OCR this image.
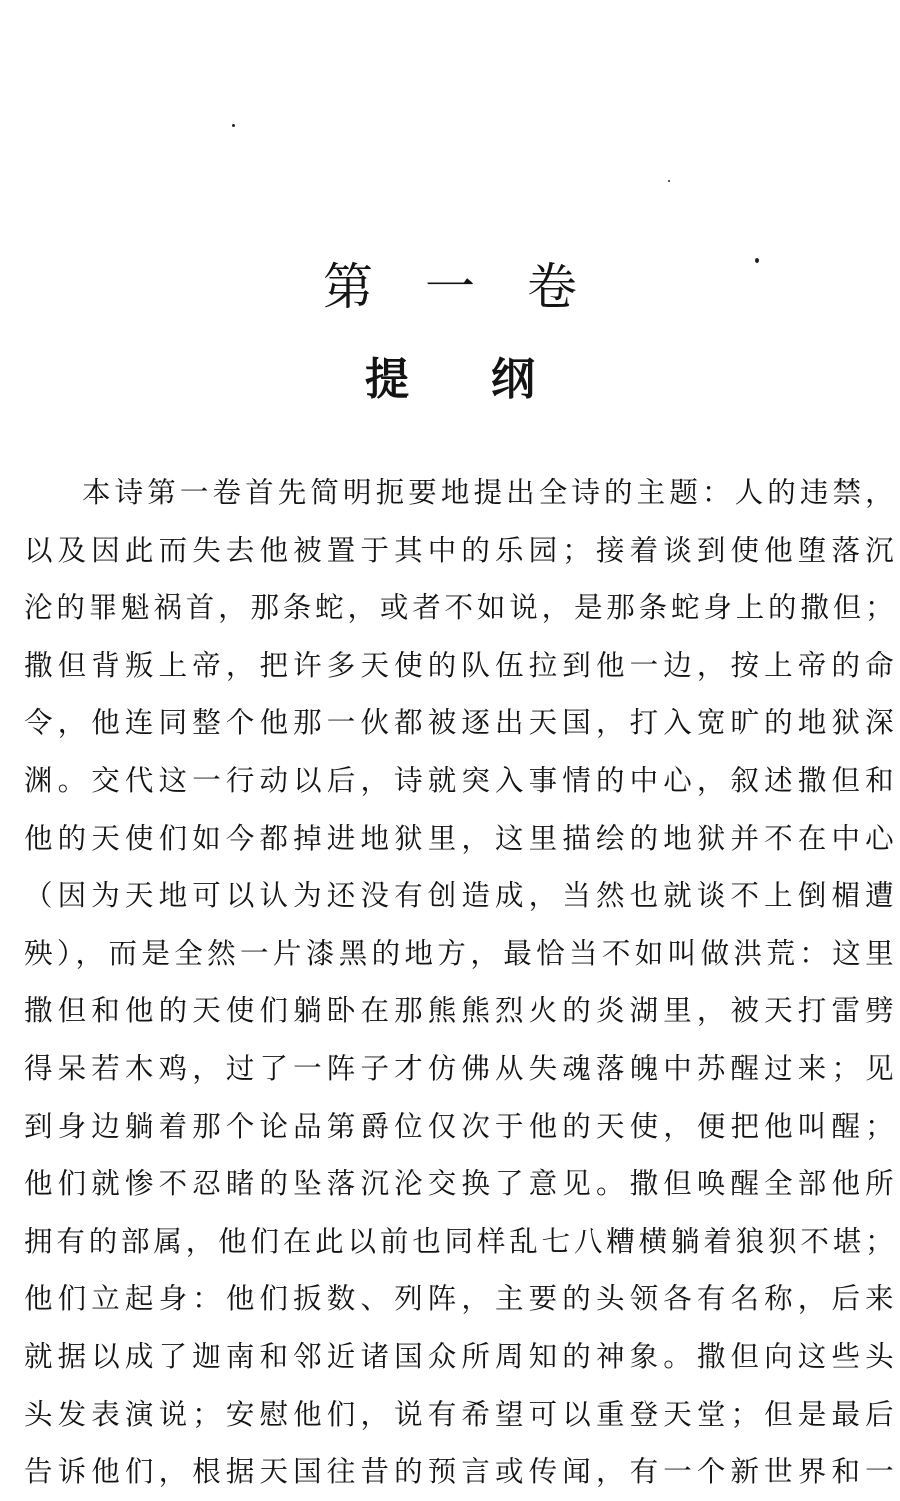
第一卷
提纲
本诗第一卷首先简明扼要地提出全诗的主题：人的违禁，
以及因此而失去他被置于其中的乐园；接着谈到使他堕落沉
沦的罪魁祸首，那条蛇，或者不如说，是那条蛇身上的撒但；
撒但背叛上帝，把许多天使的队伍拉到他一边，按上帝的命
令，他连同整个他那一伙都被逐出天国，打入宽旷的地狱深
渊。交代这一行动以后，诗就突入事情的中心，叙述撒但和
他的天使们如今都掉进地狱里，这里描绘的地狱并不在中心
（因为天地可以认为还没有创造成，当然也就谈不上倒楣遭
殃），而是全然一片漆黑的地方，最恰当不如叫做洪荒：这里
撒但和他的天使们躺卧在那熊熊烈火的炎湖里，被天打雷劈
得呆若木鸡，过了一阵子才仿佛从失魂落魄中苏醒过来；见
到身边躺着那个论品第爵位仅次于他的天使，便把他叫醒；
他们就惨不忍睹的坠落沉沦交换了意见。撒但唤醒全部他所
拥有的部属，他们在此以前也同样乱七八糟横躺着狼狈不堪；
他们立起身：他们扳数、列阵，主要的头领各有名称，后来
就据以成了迦南和邻近诸国众所周知的神象。撒但向这些头
头发表演说；安慰他们，说有希望可以重登天堂；但是最后
告诉他们，根据天国往昔的预言或传闻，有一个新世界和一
